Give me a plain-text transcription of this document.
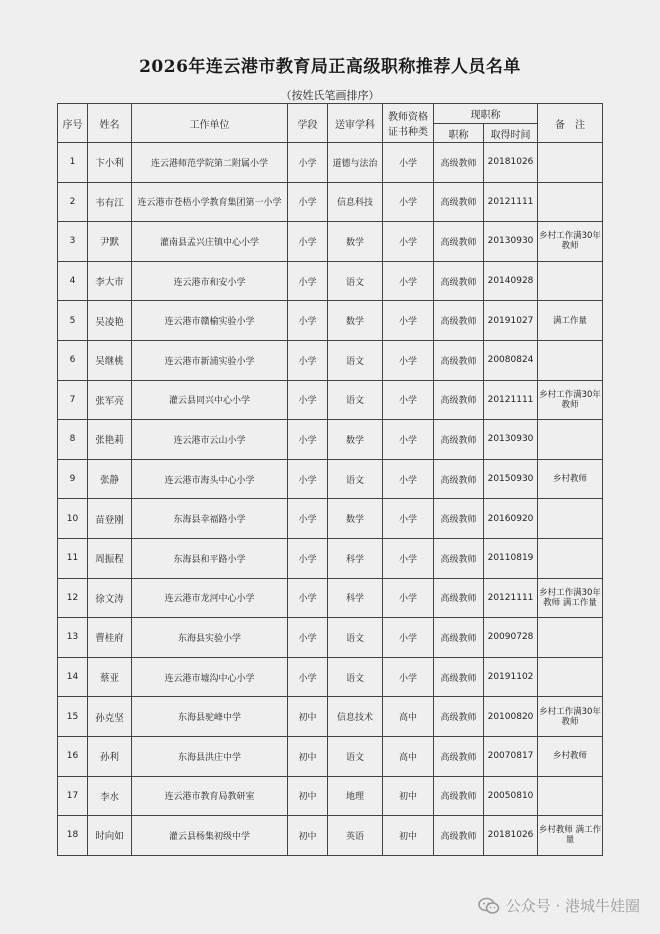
2026年连云港市教育局正高级职称推荐人员名单
（按姓氏笔画排序）
序号	姓名	工作单位	学段	送审学科	教师资格
证书种类	现职称		备　注
						职称	取得时间	
1	卞小利	连云港师范学院第二附属小学	小学	道德与法治	小学	高级教师	20181026	
2	韦有江	连云港市苍梧小学教育集团第一小学	小学	信息科技	小学	高级教师	20121111	
3	尹默	灌南县孟兴庄镇中心小学	小学	数学	小学	高级教师	20130930	乡村工作满30年教师
4	李大市	连云港市和安小学	小学	语文	小学	高级教师	20140928	
5	吴凌艳	连云港市赣榆实验小学	小学	数学	小学	高级教师	20191027	满工作量
6	吴继桃	连云港市新浦实验小学	小学	语文	小学	高级教师	20080824	
7	张军亮	灌云县同兴中心小学	小学	语文	小学	高级教师	20121111	乡村工作满30年教师
8	张艳莉	连云港市云山小学	小学	数学	小学	高级教师	20130930	
9	张静	连云港市海头中心小学	小学	语文	小学	高级教师	20150930	乡村教师
10	苗登刚	东海县幸福路小学	小学	数学	小学	高级教师	20160920	
11	周振程	东海县和平路小学	小学	科学	小学	高级教师	20110819	
12	徐文涛	连云港市龙河中心小学	小学	科学	小学	高级教师	20121111	乡村工作满30年教师 满工作量
13	曹桂府	东海县实验小学	小学	语文	小学	高级教师	20090728	
14	蔡亚	连云港市墟沟中心小学	小学	语文	小学	高级教师	20191102	
15	孙克坚	东海县驼峰中学	初中	信息技术	高中	高级教师	20100820	乡村工作满30年教师
16	孙利	东海县洪庄中学	初中	语文	高中	高级教师	20070817	乡村教师
17	李水	连云港市教育局教研室	初中	地理	初中	高级教师	20050810	
18	时向如	灌云县杨集初级中学	初中	英语	初中	高级教师	20181026	乡村教师 满工作量
公众号 · 港城牛娃圈
